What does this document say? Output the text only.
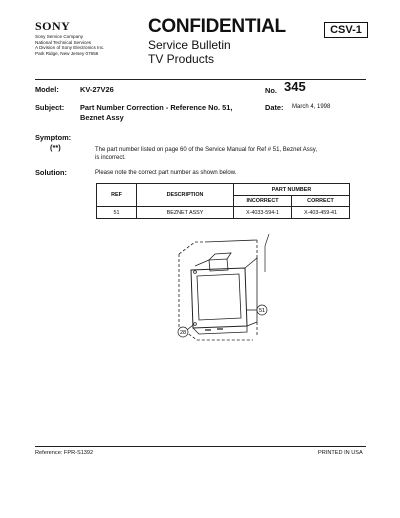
SONY
Sony Service Company
National Technical Services
A Division of Sony Electronics Inc.
Park Ridge, New Jersey 07656
CONFIDENTIAL
Service Bulletin
TV Products
CSV-1
Model:	KV-27V26	No. 345
Subject: Part Number Correction - Reference No. 51,
Beznet Assy
Date: March 4, 1998
Symptom:
(**)	The part number listed on page 60 of the Service Manual for Ref # 51, Beznet Assy,
is incorrect.
Solution:	Please note the correct part number as shown below.
REF	DESCRIPTION	PART NUMBER	
		INCORRECT	CORRECT
51	BEZNET ASSY	X-4033-594-1	X-403-459-41
51
28
Reference: FPR-S1392	PRINTED IN USA
